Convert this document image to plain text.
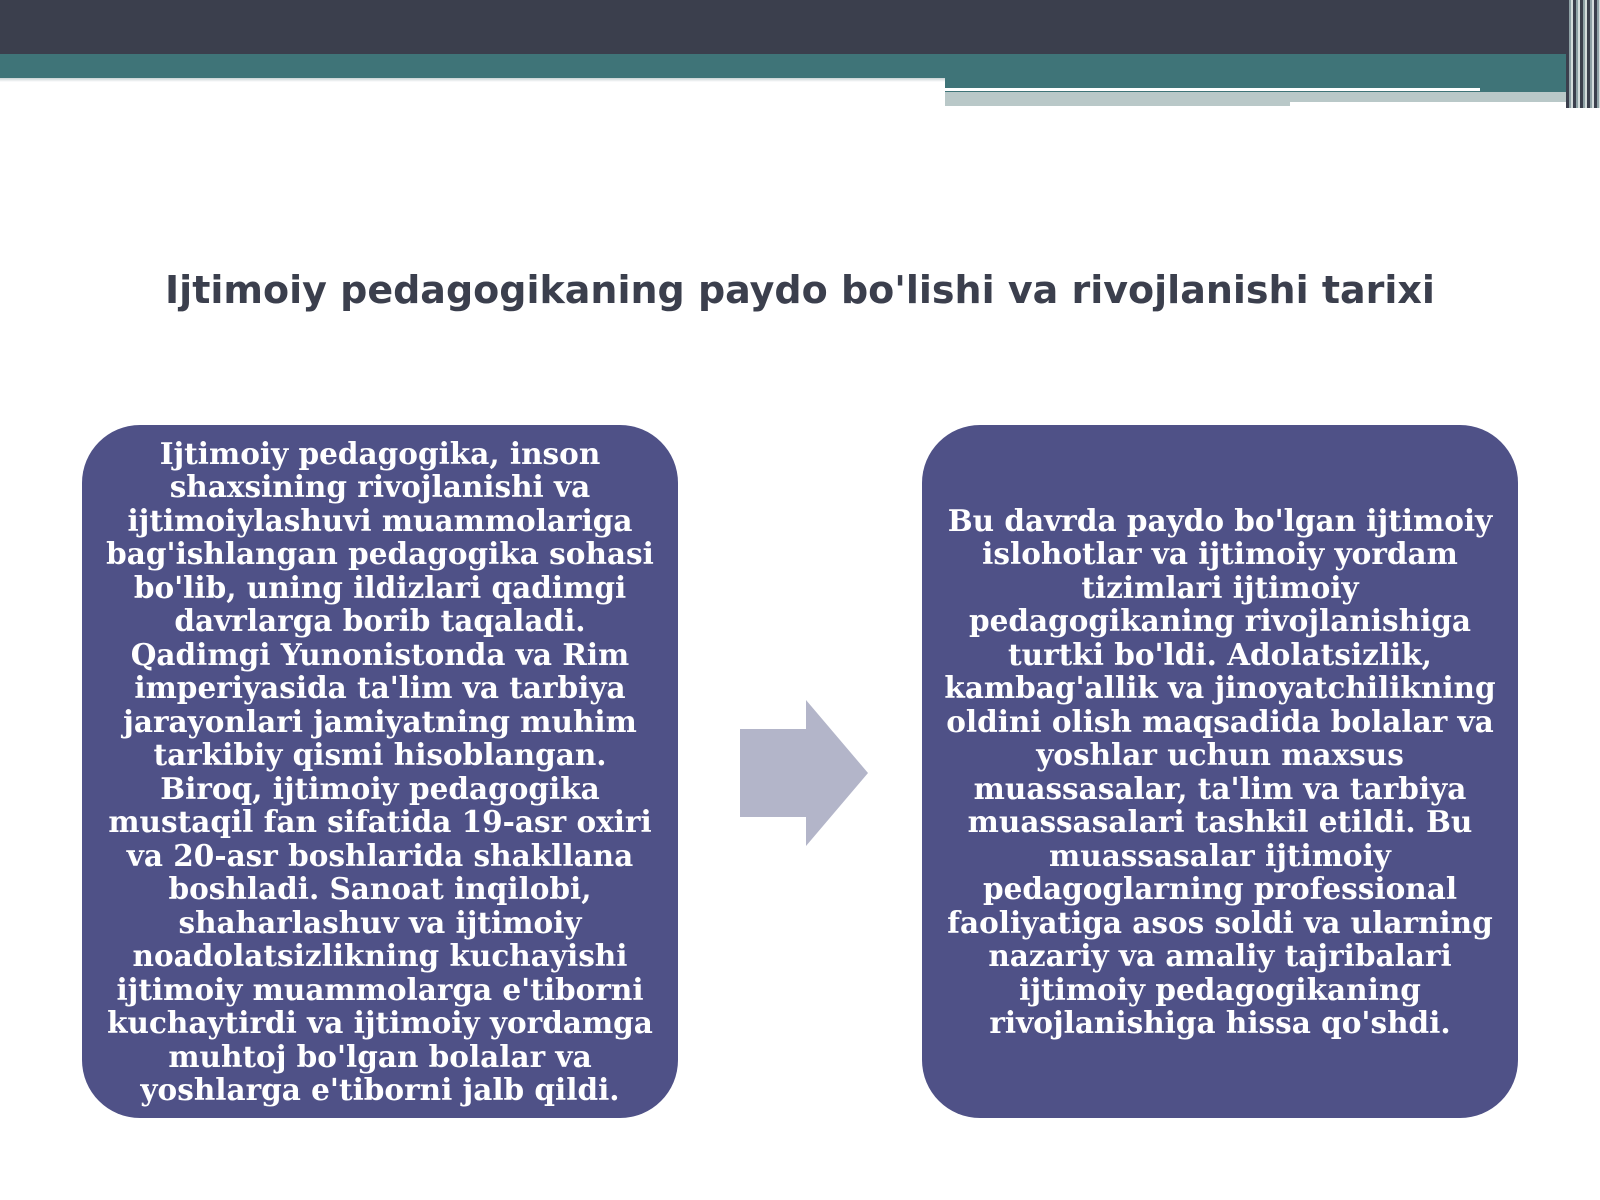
Ijtimoiy pedagogikaning paydo bo'lishi va rivojlanishi tarixi

Ijtimoiy pedagogika, inson shaxsining rivojlanishi va ijtimoiylashuvi muammolariga bag'ishlangan pedagogika sohasi bo'lib, uning ildizlari qadimgi davrlarga borib taqaladi. Qadimgi Yunonistonda va Rim imperiyasida ta'lim va tarbiya jarayonlari jamiyatning muhim tarkibiy qismi hisoblangan. Biroq, ijtimoiy pedagogika mustaqil fan sifatida 19-asr oxiri va 20-asr boshlarida shakllana boshladi. Sanoat inqilobi, shaharlashuv va ijtimoiy noadolatsizlikning kuchayishi ijtimoiy muammolarga e'tiborni kuchaytirdi va ijtimoiy yordamga muhtoj bo'lgan bolalar va yoshlarga e'tiborni jalb qildi.

Bu davrda paydo bo'lgan ijtimoiy islohotlar va ijtimoiy yordam tizimlari ijtimoiy pedagogikaning rivojlanishiga turtki bo'ldi. Adolatsizlik, kambag'allik va jinoyatchilikning oldini olish maqsadida bolalar va yoshlar uchun maxsus muassasalar, ta'lim va tarbiya muassasalari tashkil etildi. Bu muassasalar ijtimoiy pedagoglarning professional faoliyatiga asos soldi va ularning nazariy va amaliy tajribalari ijtimoiy pedagogikaning rivojlanishiga hissa qo'shdi.
